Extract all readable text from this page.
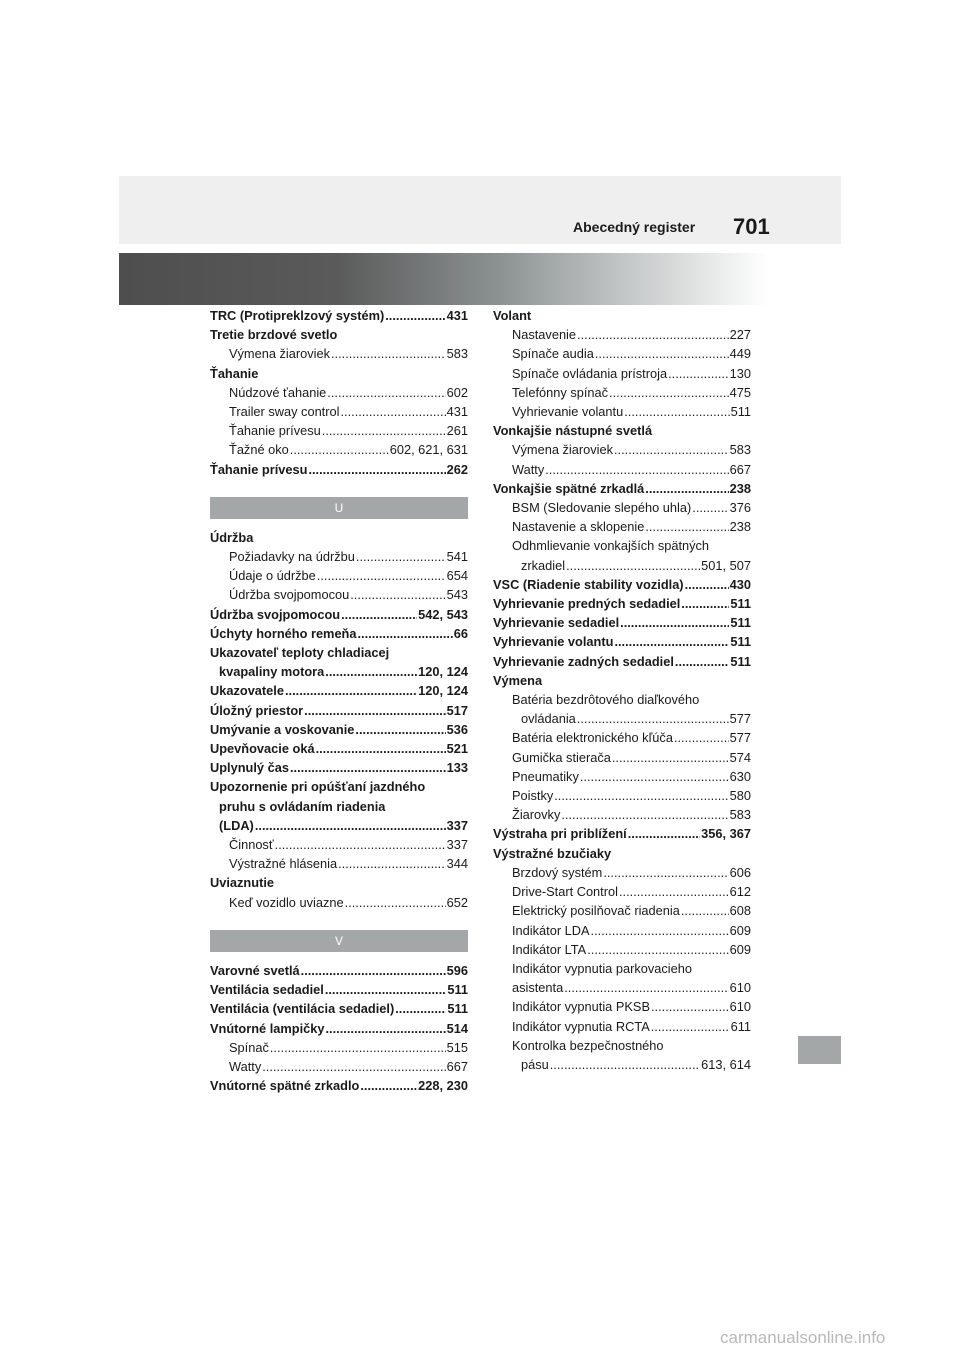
Abecedný register 701
TRC (Protipreklzový systém) .....	431
Tretie brzdové svetlo
Výmena žiaroviek .....	583
Ťahanie
Núdzové ťahanie .....	602
Trailer sway control .....	431
Ťahanie prívesu .....	261
Ťažné oko .....	602, 621, 631
Ťahanie prívesu .....	262
U
Údržba
Požiadavky na údržbu .....	541
Údaje o údržbe .....	654
Údržba svojpomocou .....	543
Údržba svojpomocou .....	542, 543
Úchyty horného remeňa .....	66
Ukazovateľ teploty chladiacej
kvapaliny motora .....	120, 124
Ukazovatele .....	120, 124
Úložný priestor .....	517
Umývanie a voskovanie .....	536
Upevňovacie oká .....	521
Uplynulý čas .....	133
Upozornenie pri opúšťaní jazdného
pruhu s ovládaním riadenia
(LDA) .....	337
Činnosť .....	337
Výstražné hlásenia .....	344
Uviaznutie
Keď vozidlo uviazne .....	652
V
Varovné svetlá .....	596
Ventilácia sedadiel .....	511
Ventilácia (ventilácia sedadiel) .....	511
Vnútorné lampičky .....	514
Spínač .....	515
Watty .....	667
Vnútorné spätné zrkadlo .....	228, 230
Volant
Nastavenie .....	227
Spínače audia .....	449
Spínače ovládania prístroja .....	130
Telefónny spínač .....	475
Vyhrievanie volantu .....	511
Vonkajšie nástupné svetlá
Výmena žiaroviek .....	583
Watty .....	667
Vonkajšie spätné zrkadlá .....	238
BSM (Sledovanie slepého uhla) .....	376
Nastavenie a sklopenie .....	238
Odhmlievanie vonkajších spätných
zrkadiel .....	501, 507
VSC (Riadenie stability vozidla) .....	430
Vyhrievanie predných sedadiel .....	511
Vyhrievanie sedadiel .....	511
Vyhrievanie volantu .....	511
Vyhrievanie zadných sedadiel .....	511
Výmena
Batéria bezdrôtového diaľkového
ovládania .....	577
Batéria elektronického kľúča .....	577
Gumička stierača .....	574
Pneumatiky .....	630
Poistky .....	580
Žiarovky .....	583
Výstraha pri priblížení .....	356, 367
Výstražné bzučiaky
Brzdový systém .....	606
Drive-Start Control .....	612
Elektrický posilňovač riadenia .....	608
Indikátor LDA .....	609
Indikátor LTA .....	609
Indikátor vypnutia parkovacieho
asistenta .....	610
Indikátor vypnutia PKSB .....	610
Indikátor vypnutia RCTA .....	611
Kontrolka bezpečnostného
pásu .....	613, 614
carmanualsonline.info
